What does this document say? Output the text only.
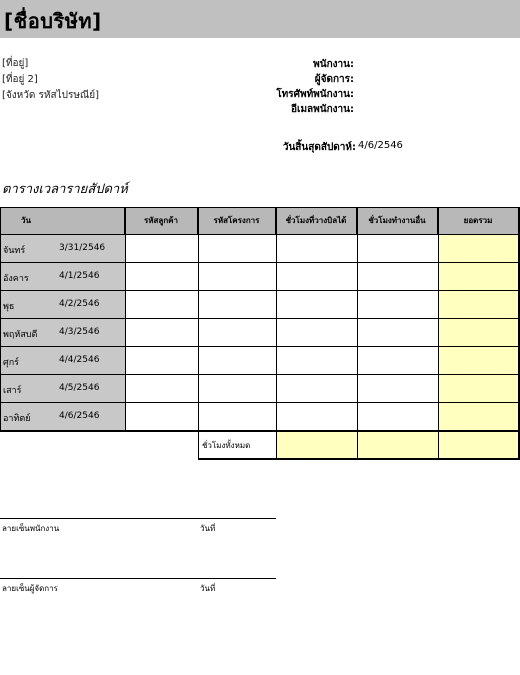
[ชื่อบริษัท]
[ที่อยู่]
[ที่อยู่ 2]
[จังหวัด รหัสไปรษณีย์]
พนักงาน:
ผู้จัดการ:
โทรศัพท์พนักงาน:
อีเมลพนักงาน:
วันสิ้นสุดสัปดาห์: 4/6/2546
ตารางเวลารายสัปดาห์
วัน	รหัสลูกค้า	รหัสโครงการ	ชั่วโมงที่วางบิลได้	ชั่วโมงทำงานอื่น	ยอดรวม
จันทร์	3/31/2546
อังคาร	4/1/2546
พุธ	4/2/2546
พฤหัสบดี 4/3/2546
ศุกร์	4/4/2546
เสาร์	4/5/2546
อาทิตย์	4/6/2546
ชั่วโมงทั้งหมด
ลายเซ็นพนักงาน	วันที่
ลายเซ็นผู้จัดการ	วันที่
